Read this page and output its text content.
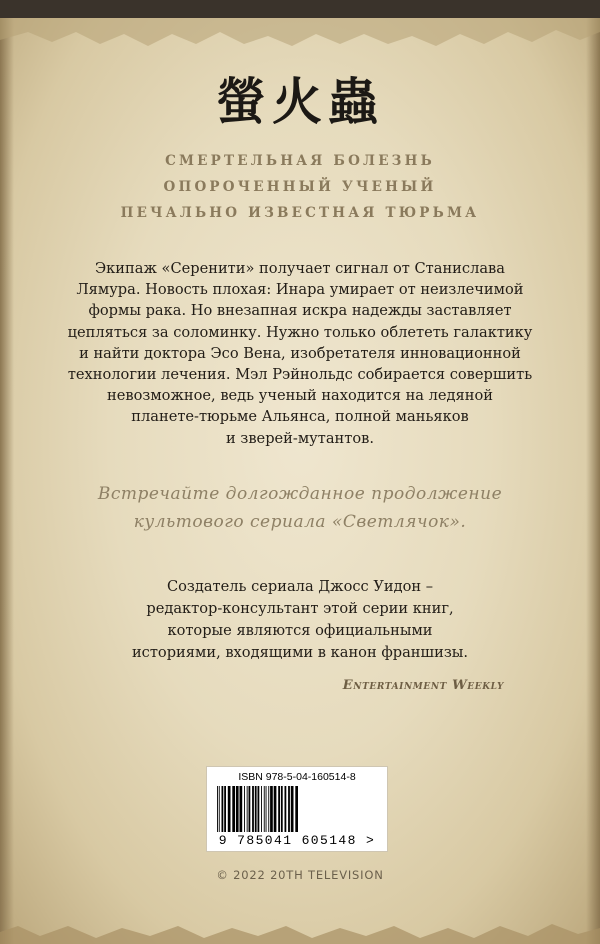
螢火蟲
СМЕРТЕЛЬНАЯ БОЛЕЗНЬ
ОПОРОЧЕННЫЙ УЧЕНЫЙ
ПЕЧАЛЬНО ИЗВЕСТНАЯ ТЮРЬМА
Экипаж «Серенити» получает сигнал от Станислава
Лямура. Новость плохая: Инара умирает от неизлечимой
формы рака. Но внезапная искра надежды заставляет
цепляться за соломинку. Нужно только облететь галактику
и найти доктора Эсо Вена, изобретателя инновационной
технологии лечения. Мэл Рэйнольдс собирается совершить
невозможное, ведь ученый находится на ледяной
планете-тюрьме Альянса, полной маньяков
и зверей-мутантов.
Встречайте долгожданное продолжение
культового сериала «Светлячок».
Создатель сериала Джосс Уидон –
редактор-консультант этой серии книг,
которые являются официальными
историями, входящими в канон франшизы.
Entertainment Weekly
ISBN 978-5-04-160514-8
9 785041 605148 >
© 2022 20TH TELEVISION
